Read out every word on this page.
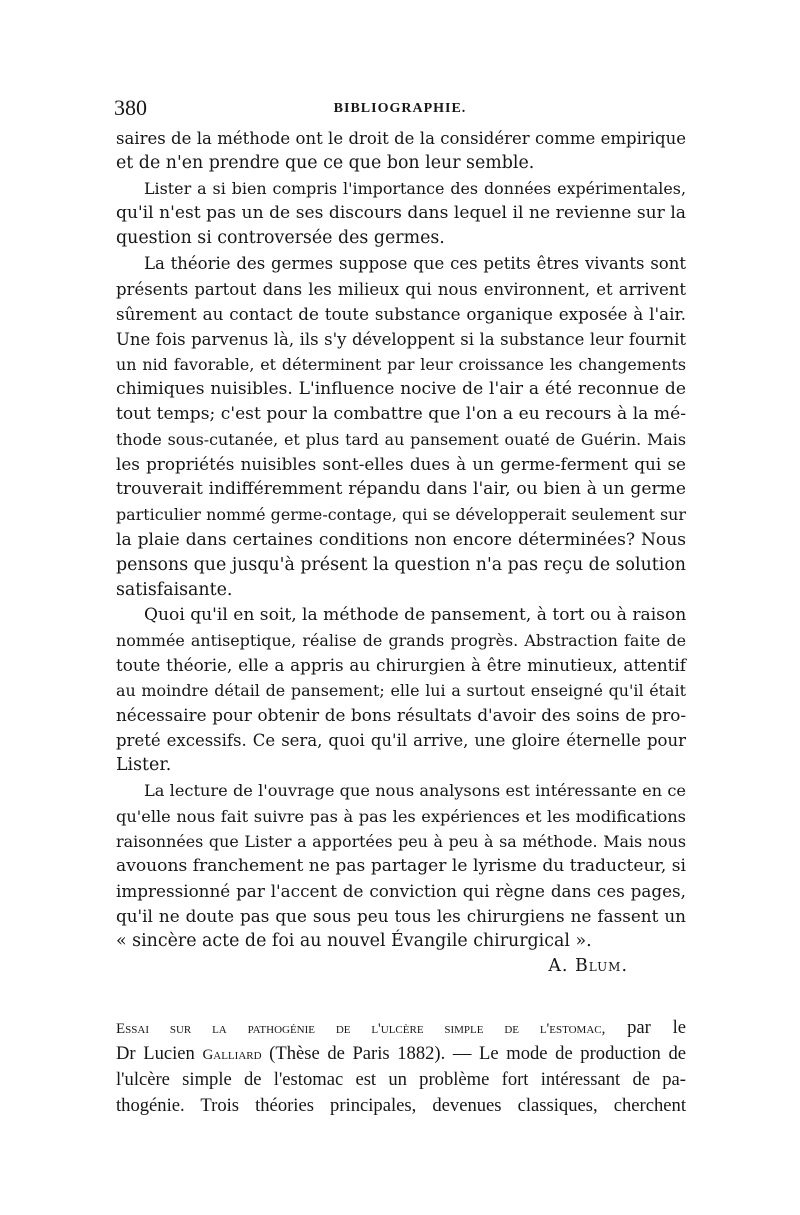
380	BIBLIOGRAPHIE.
saires de la méthode ont le droit de la considérer comme empirique
et de n'en prendre que ce que bon leur semble.
Lister a si bien compris l'importance des données expérimentales,
qu'il n'est pas un de ses discours dans lequel il ne revienne sur la
question si controversée des germes.
La théorie des germes suppose que ces petits êtres vivants sont
présents partout dans les milieux qui nous environnent, et arrivent
sûrement au contact de toute substance organique exposée à l'air.
Une fois parvenus là, ils s'y développent si la substance leur fournit
un nid favorable, et déterminent par leur croissance les changements
chimiques nuisibles. L'influence nocive de l'air a été reconnue de
tout temps; c'est pour la combattre que l'on a eu recours à la mé-
thode sous-cutanée, et plus tard au pansement ouaté de Guérin. Mais
les propriétés nuisibles sont-elles dues à un germe-ferment qui se
trouverait indifféremment répandu dans l'air, ou bien à un germe
particulier nommé germe-contage, qui se développerait seulement sur
la plaie dans certaines conditions non encore déterminées? Nous
pensons que jusqu'à présent la question n'a pas reçu de solution
satisfaisante.
Quoi qu'il en soit, la méthode de pansement, à tort ou à raison
nommée antiseptique, réalise de grands progrès. Abstraction faite de
toute théorie, elle a appris au chirurgien à être minutieux, attentif
au moindre détail de pansement; elle lui a surtout enseigné qu'il était
nécessaire pour obtenir de bons résultats d'avoir des soins de pro-
preté excessifs. Ce sera, quoi qu'il arrive, une gloire éternelle pour
Lister.
La lecture de l'ouvrage que nous analysons est intéressante en ce
qu'elle nous fait suivre pas à pas les expériences et les modifications
raisonnées que Lister a apportées peu à peu à sa méthode. Mais nous
avouons franchement ne pas partager le lyrisme du traducteur, si
impressionné par l'accent de conviction qui règne dans ces pages,
qu'il ne doute pas que sous peu tous les chirurgiens ne fassent un
« sincère acte de foi au nouvel Évangile chirurgical ».
A. Blum.
Essai sur la pathogénie de l'ulcère simple de l'estomac, par le
Dr Lucien Galliard (Thèse de Paris 1882). — Le mode de production de
l'ulcère simple de l'estomac est un problème fort intéressant de pa-
thogénie. Trois théories principales, devenues classiques, cherchent
